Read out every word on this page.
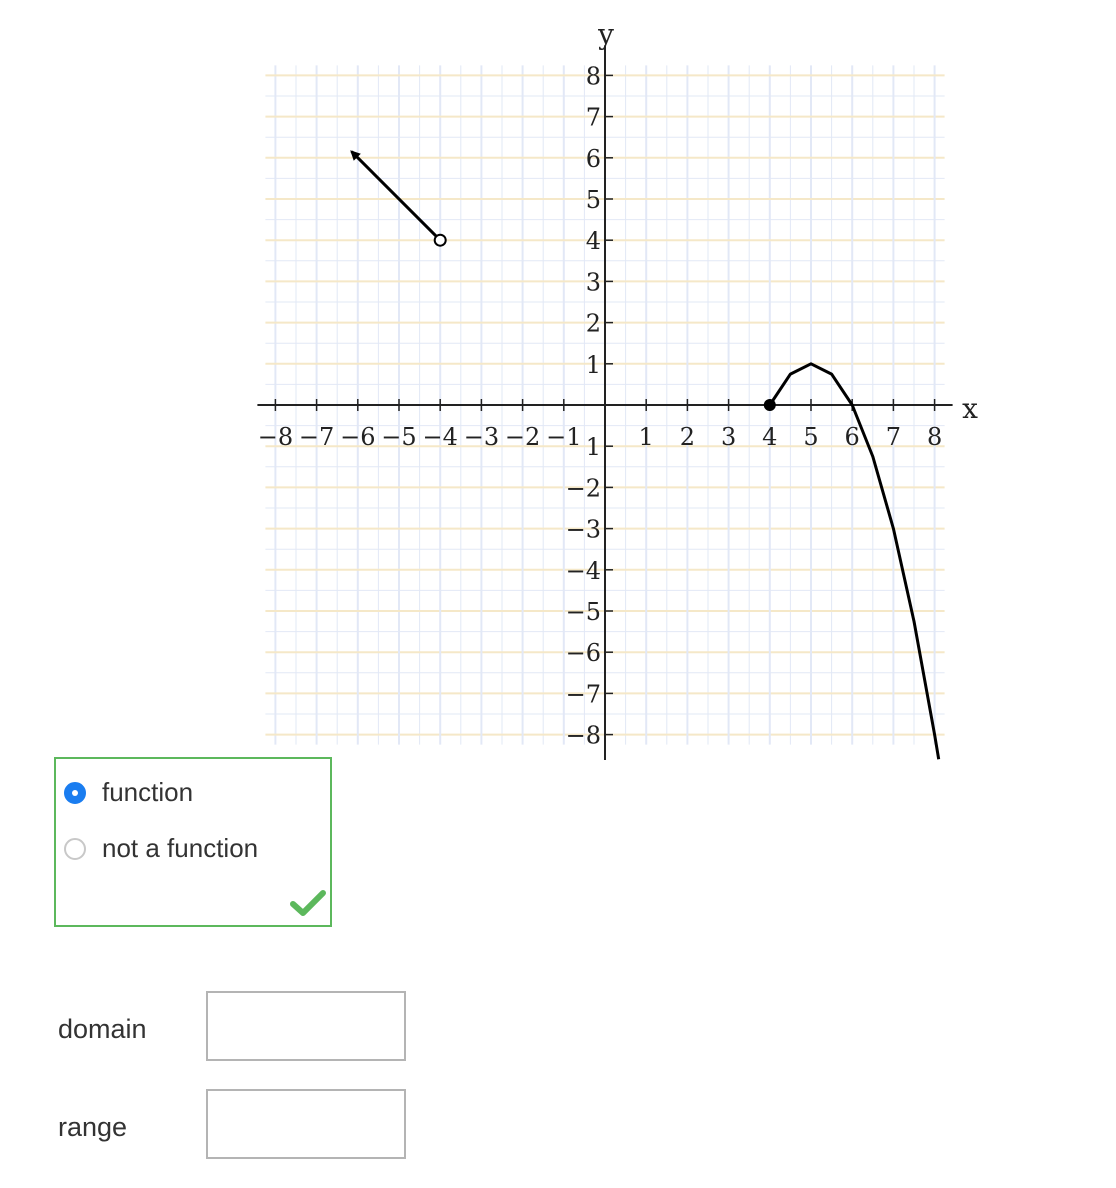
−8 −7 −6 −5 −4 −3 −2 −1 1 2 3 4 5 6 7 8
8
7
6
5
4
3
2
1
1
−2
−3
−4
−5
−6
−7
−8
x
y
function
not a function
domain
range
